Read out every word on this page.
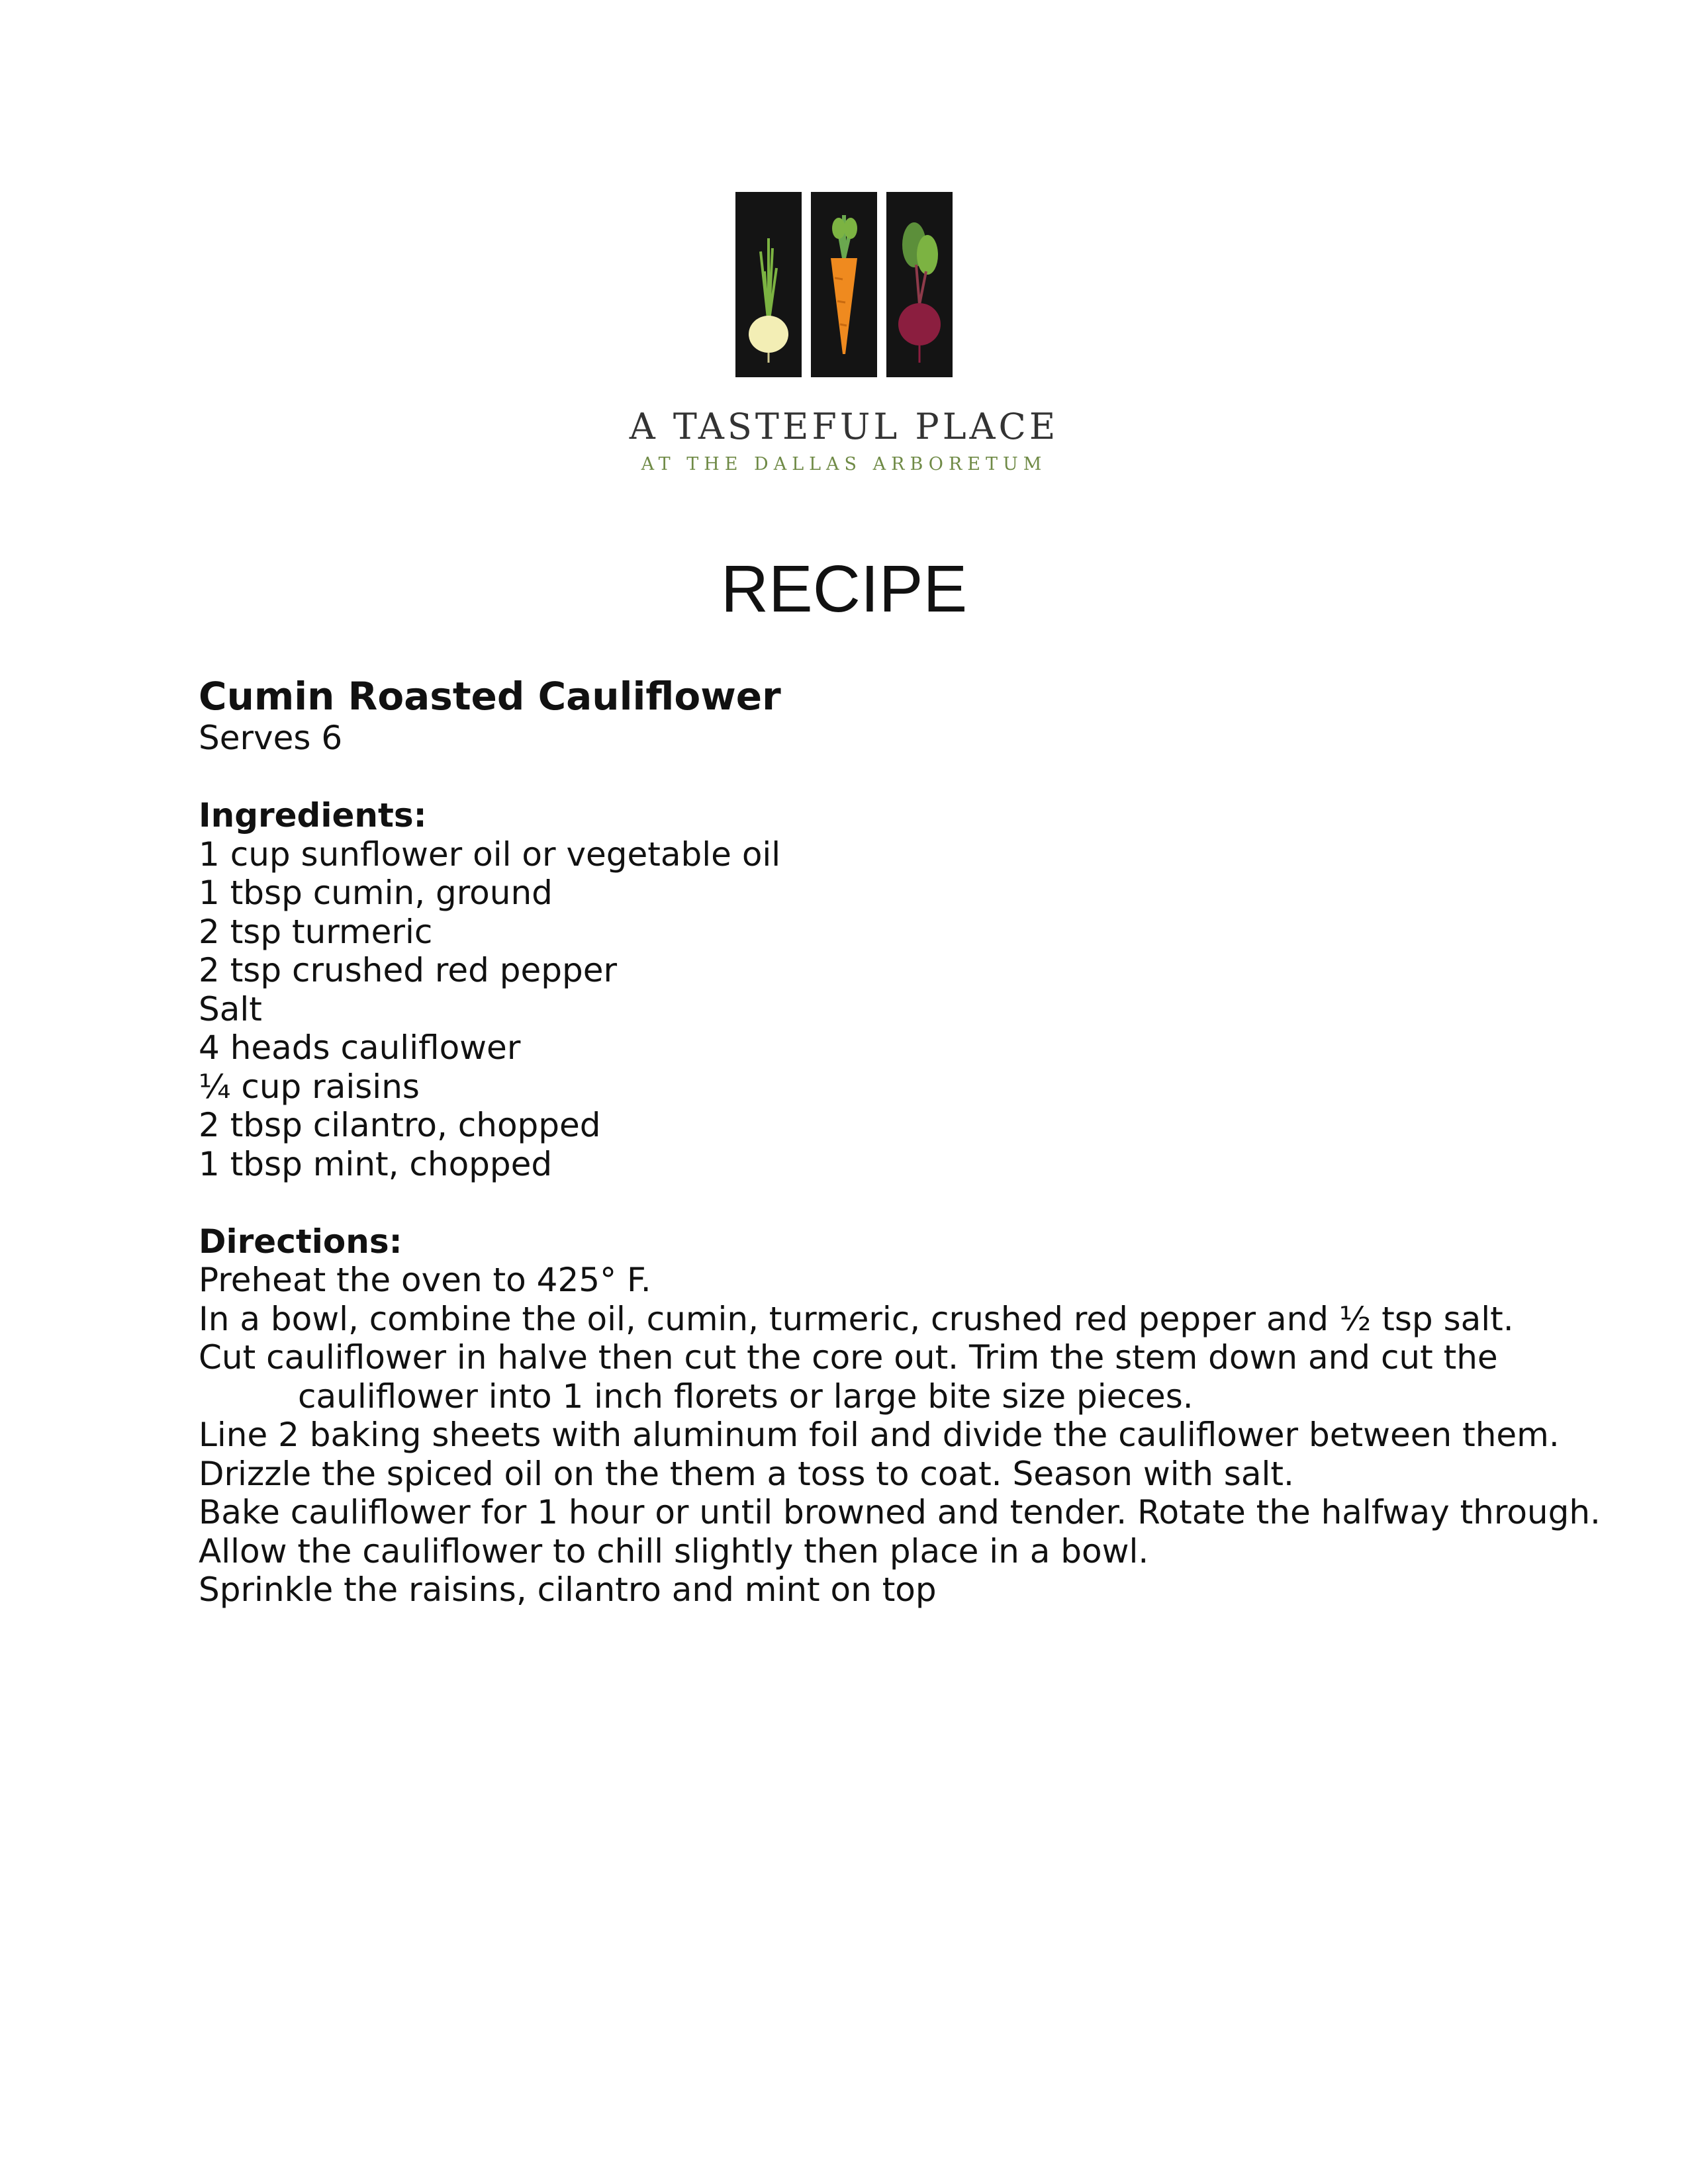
A TASTEFUL PLACE
AT THE DALLAS ARBORETUM
RECIPE
Cumin Roasted Cauliflower
Serves 6
Ingredients:
1 cup sunflower oil or vegetable oil
1 tbsp cumin, ground
2 tsp turmeric
2 tsp crushed red pepper
Salt
4 heads cauliflower
¼ cup raisins
2 tbsp cilantro, chopped
1 tbsp mint, chopped
Directions:
Preheat the oven to 425° F.
In a bowl, combine the oil, cumin, turmeric, crushed red pepper and ½ tsp salt.
Cut cauliflower in halve then cut the core out. Trim the stem down and cut the
cauliflower into 1 inch florets or large bite size pieces.
Line 2 baking sheets with aluminum foil and divide the cauliflower between them.
Drizzle the spiced oil on the them a toss to coat. Season with salt.
Bake cauliflower for 1 hour or until browned and tender. Rotate the halfway through.
Allow the cauliflower to chill slightly then place in a bowl.
Sprinkle the raisins, cilantro and mint on top
